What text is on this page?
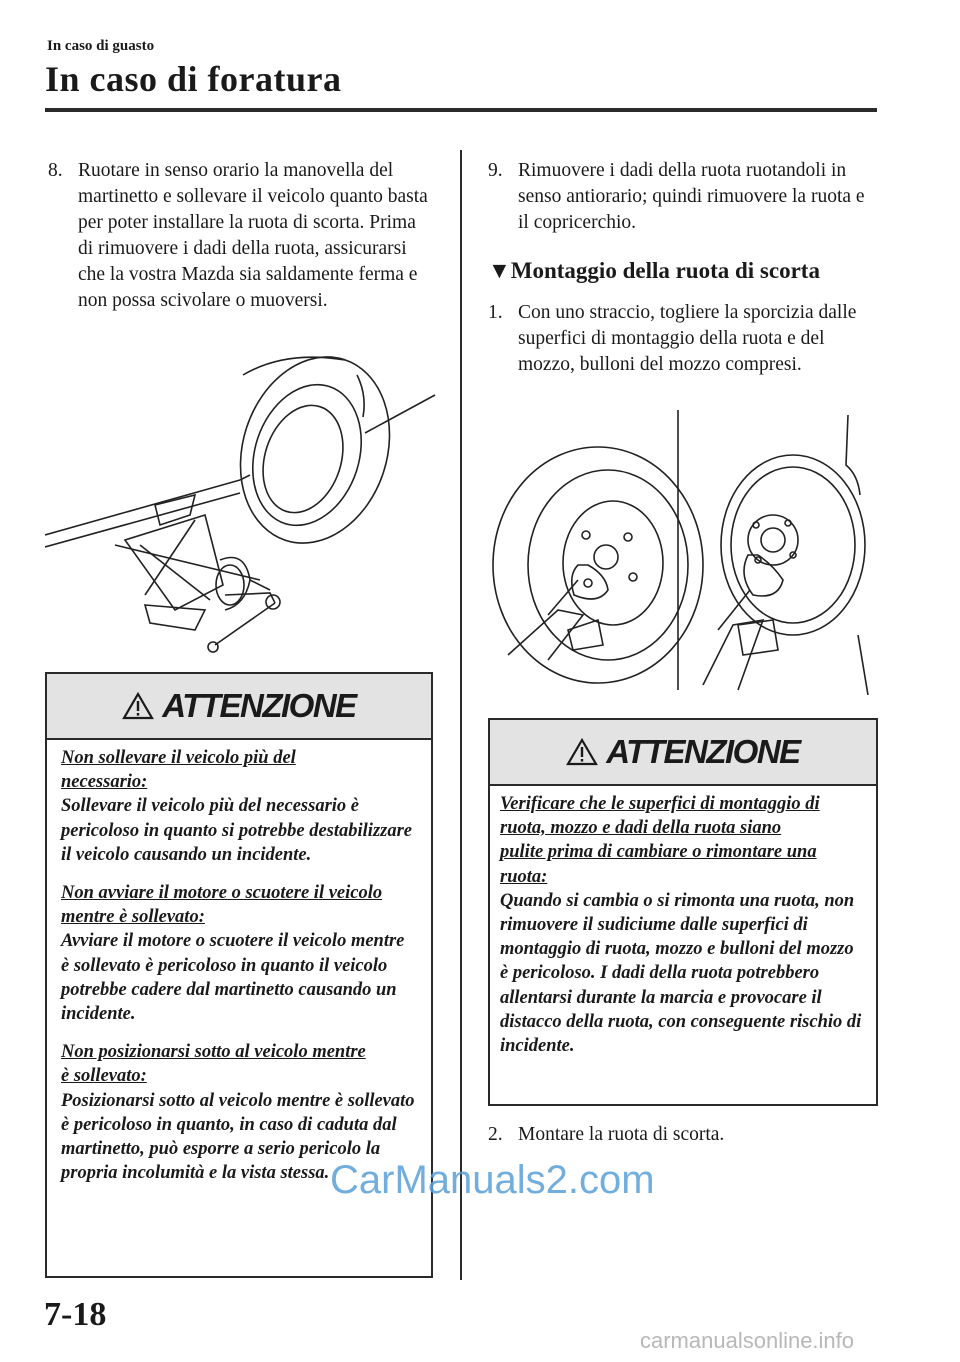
In caso di guasto
In caso di foratura
8. Ruotare in senso orario la manovella del martinetto e sollevare il veicolo quanto basta per poter installare la ruota di scorta. Prima di rimuovere i dadi della ruota, assicurarsi che la vostra Mazda sia saldamente ferma e non possa scivolare o muoversi.
ATTENZIONE
Non sollevare il veicolo più del necessario:
Sollevare il veicolo più del necessario è pericoloso in quanto si potrebbe destabilizzare il veicolo causando un incidente.
Non avviare il motore o scuotere il veicolo mentre è sollevato:
Avviare il motore o scuotere il veicolo mentre è sollevato è pericoloso in quanto il veicolo potrebbe cadere dal martinetto causando un incidente.
Non posizionarsi sotto al veicolo mentre è sollevato:
Posizionarsi sotto al veicolo mentre è sollevato è pericoloso in quanto, in caso di caduta dal martinetto, può esporre a serio pericolo la propria incolumità e la vista stessa.
9. Rimuovere i dadi della ruota ruotandoli in senso antiorario; quindi rimuovere la ruota e il copricerchio.
▼Montaggio della ruota di scorta
1. Con uno straccio, togliere la sporcizia dalle superfici di montaggio della ruota e del mozzo, bulloni del mozzo compresi.
ATTENZIONE
Verificare che le superfici di montaggio di ruota, mozzo e dadi della ruota siano pulite prima di cambiare o rimontare una ruota:
Quando si cambia o si rimonta una ruota, non rimuovere il sudiciume dalle superfici di montaggio di ruota, mozzo e bulloni del mozzo è pericoloso. I dadi della ruota potrebbero allentarsi durante la marcia e provocare il distacco della ruota, con conseguente rischio di incidente.
2. Montare la ruota di scorta.
7-18
CarManuals2.com
carmanualsonline.info
